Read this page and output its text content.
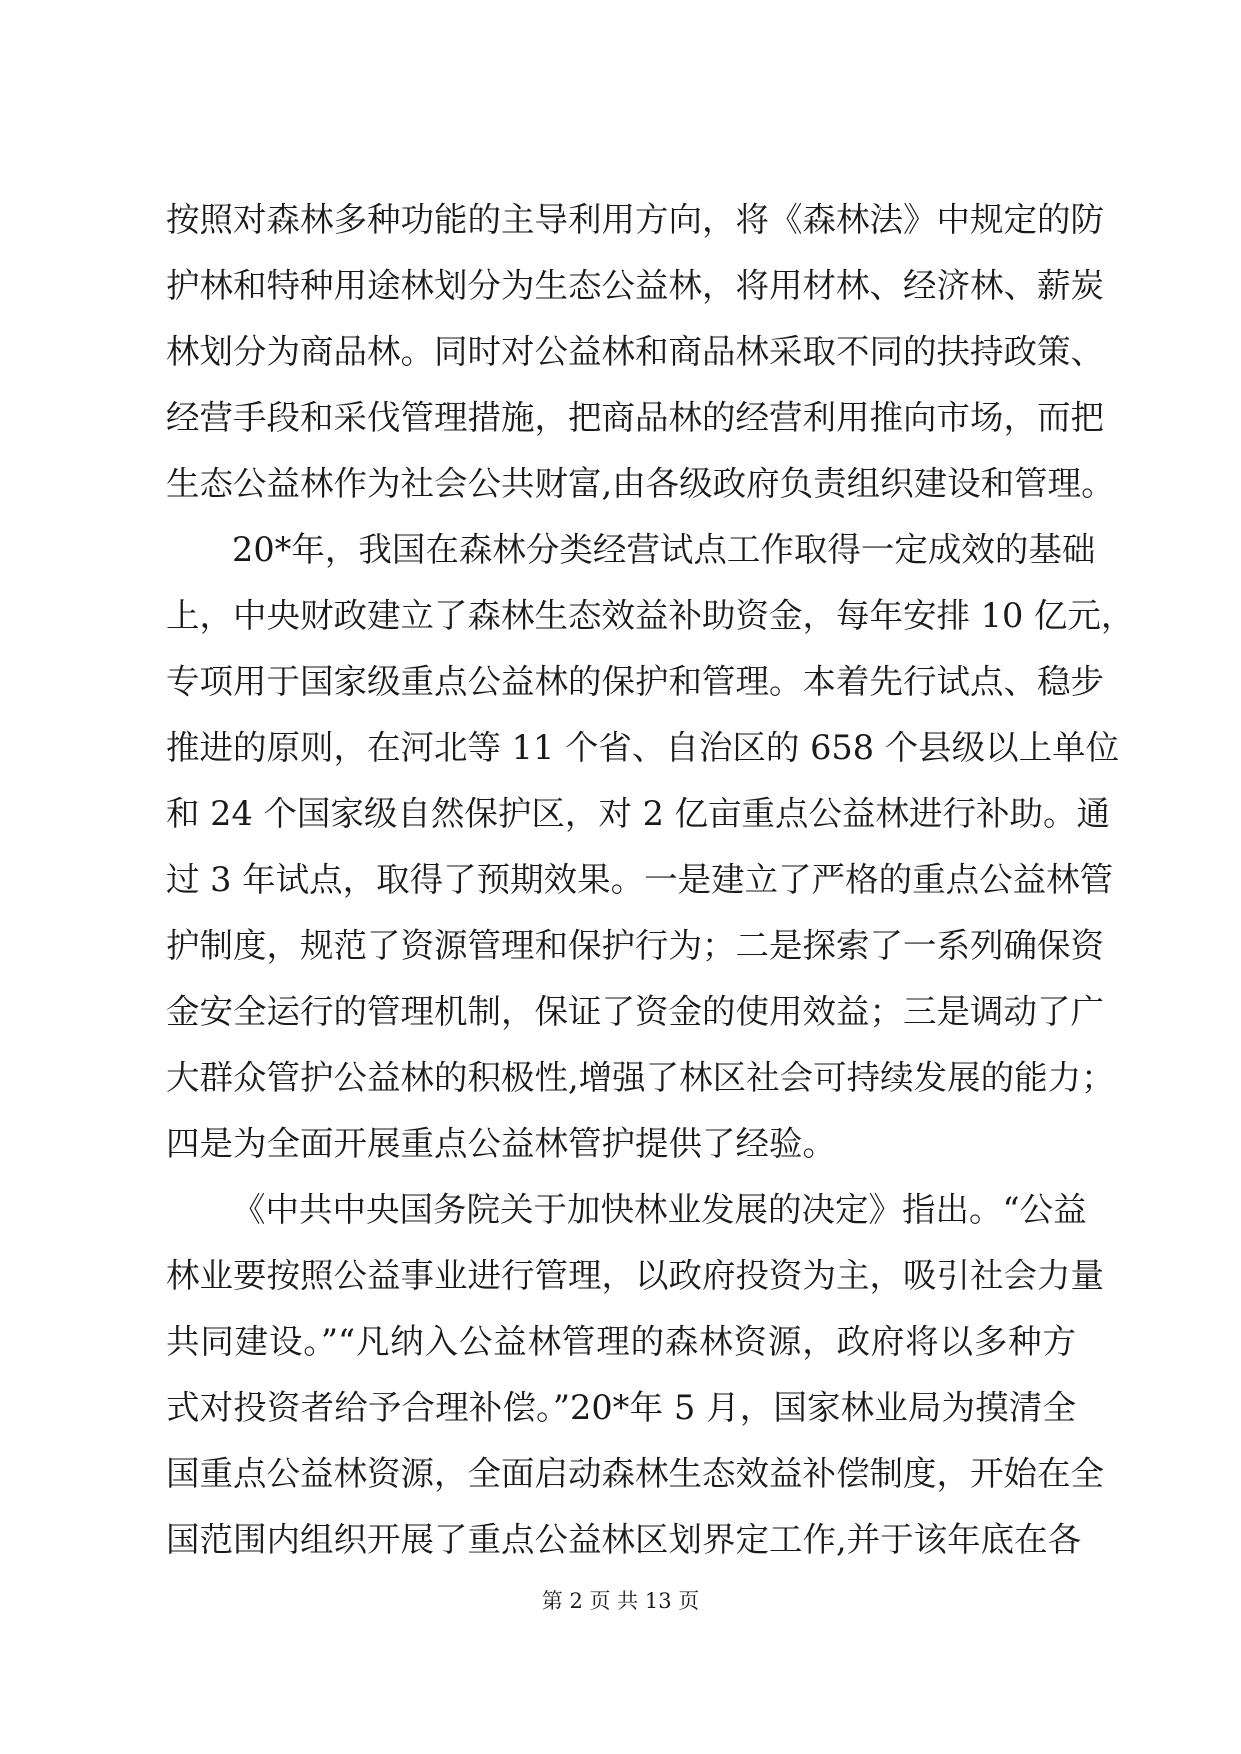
按照对森林多种功能的主导利用方向，将《森林法》中规定的防
护林和特种用途林划分为生态公益林，将用材林、经济林、薪炭
林划分为商品林。同时对公益林和商品林采取不同的扶持政策、
经营手段和采伐管理措施，把商品林的经营利用推向市场，而把
生态公益林作为社会公共财富,由各级政府负责组织建设和管理。
20*年，我国在森林分类经营试点工作取得一定成效的基础
上，中央财政建立了森林生态效益补助资金，每年安排 10 亿元，
专项用于国家级重点公益林的保护和管理。本着先行试点、稳步
推进的原则，在河北等 11 个省、自治区的 658 个县级以上单位
和 24 个国家级自然保护区，对 2 亿亩重点公益林进行补助。通
过 3 年试点，取得了预期效果。一是建立了严格的重点公益林管
护制度，规范了资源管理和保护行为；二是探索了一系列确保资
金安全运行的管理机制，保证了资金的使用效益；三是调动了广
大群众管护公益林的积极性,增强了林区社会可持续发展的能力；
四是为全面开展重点公益林管护提供了经验。
《中共中央国务院关于加快林业发展的决定》指出。“公益
林业要按照公益事业进行管理，以政府投资为主，吸引社会力量
共同建设。”“凡纳入公益林管理的森林资源，政府将以多种方
式对投资者给予合理补偿。”20*年 5 月，国家林业局为摸清全
国重点公益林资源，全面启动森林生态效益补偿制度，开始在全
国范围内组织开展了重点公益林区划界定工作,并于该年底在各
第 2 页 共 13 页
